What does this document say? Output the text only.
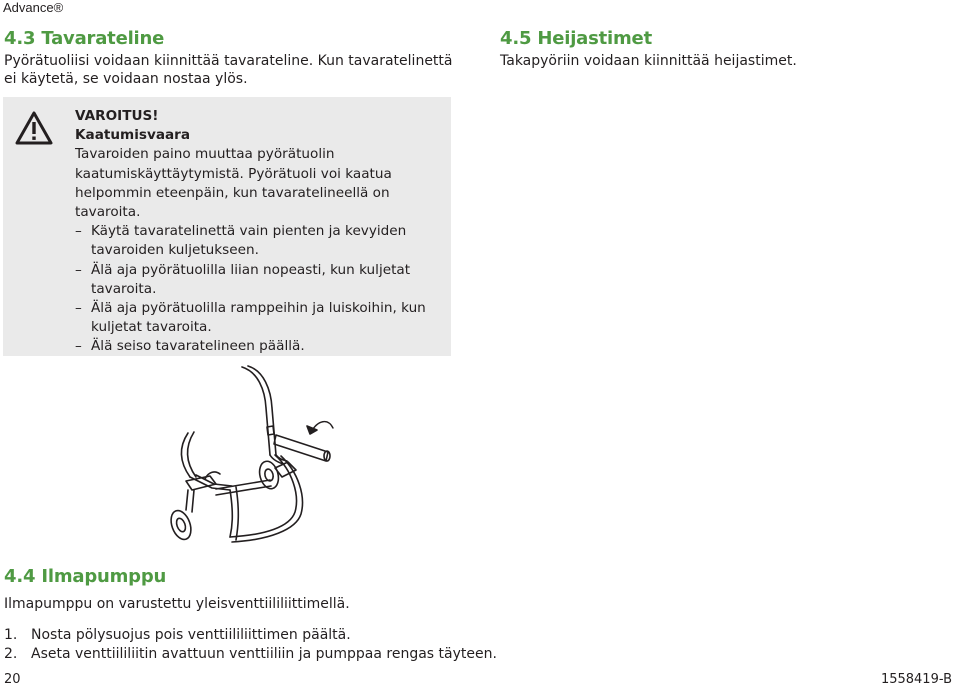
Advance®
4.3 Tavarateline
Pyörätuoliisi voidaan kiinnittää tavarateline. Kun tavaratelinettä ei käytetä, se voidaan nostaa ylös.
4.5 Heijastimet
Takapyöriin voidaan kiinnittää heijastimet.
VAROITUS!
Kaatumisvaara
Tavaroiden paino muuttaa pyörätuolin kaatumiskäyttäytymistä. Pyörätuoli voi kaatua helpommin eteenpäin, kun tavaratelineellä on tavaroita.
– Käytä tavaratelinettä vain pienten ja kevyiden tavaroiden kuljetukseen.
– Älä aja pyörätuolilla liian nopeasti, kun kuljetat tavaroita.
– Älä aja pyörätuolilla ramppeihin ja luiskoihin, kun kuljetat tavaroita.
– Älä seiso tavaratelineen päällä.
4.4 Ilmapumppu
Ilmapumppu on varustettu yleisventtiililiittimellä.
1. Nosta pölysuojus pois venttiililiittimen päältä.
2. Aseta venttiililiitin avattuun venttiiliin ja pumppaa rengas täyteen.
20	1558419-B
